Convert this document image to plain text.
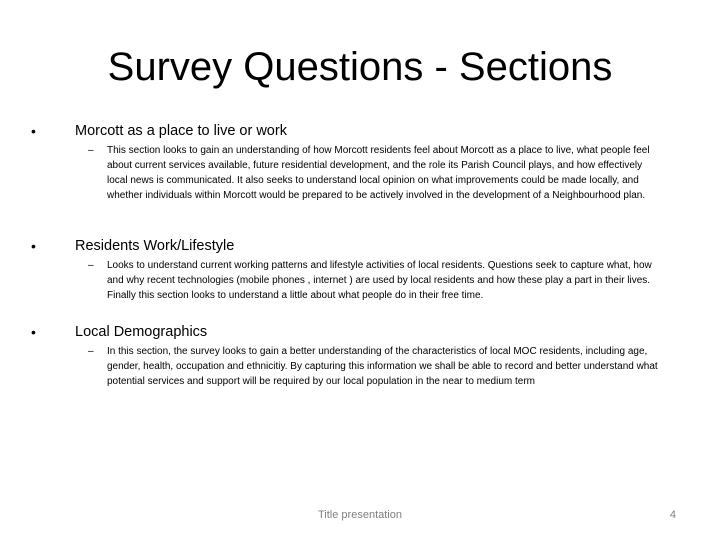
Survey Questions - Sections
•	Morcott as a place to live or work
– This section looks to gain an understanding of how Morcott residents feel about Morcott as a place to live, what people feel about current services available, future residential development, and the role its Parish Council plays, and how effectively local news is communicated. It also seeks to understand local opinion on what improvements could be made locally, and whether individuals within Morcott would be prepared to be actively involved in the development of a Neighbourhood plan.

•	Residents Work/Lifestyle
– Looks to understand current working patterns and lifestyle activities of local residents. Questions seek to capture what, how and why recent technologies (mobile phones , internet ) are used by local residents and how these play a part in their lives. Finally this section looks to understand a little about what people do in their free time.

•	Local Demographics
– In this section, the survey looks to gain a better understanding of the characteristics of local MOC residents, including age, gender, health, occupation and ethnicitiy. By capturing this information we shall be able to record and better understand what potential services and support will be required by our local population in the near to medium term

Title presentation	4
